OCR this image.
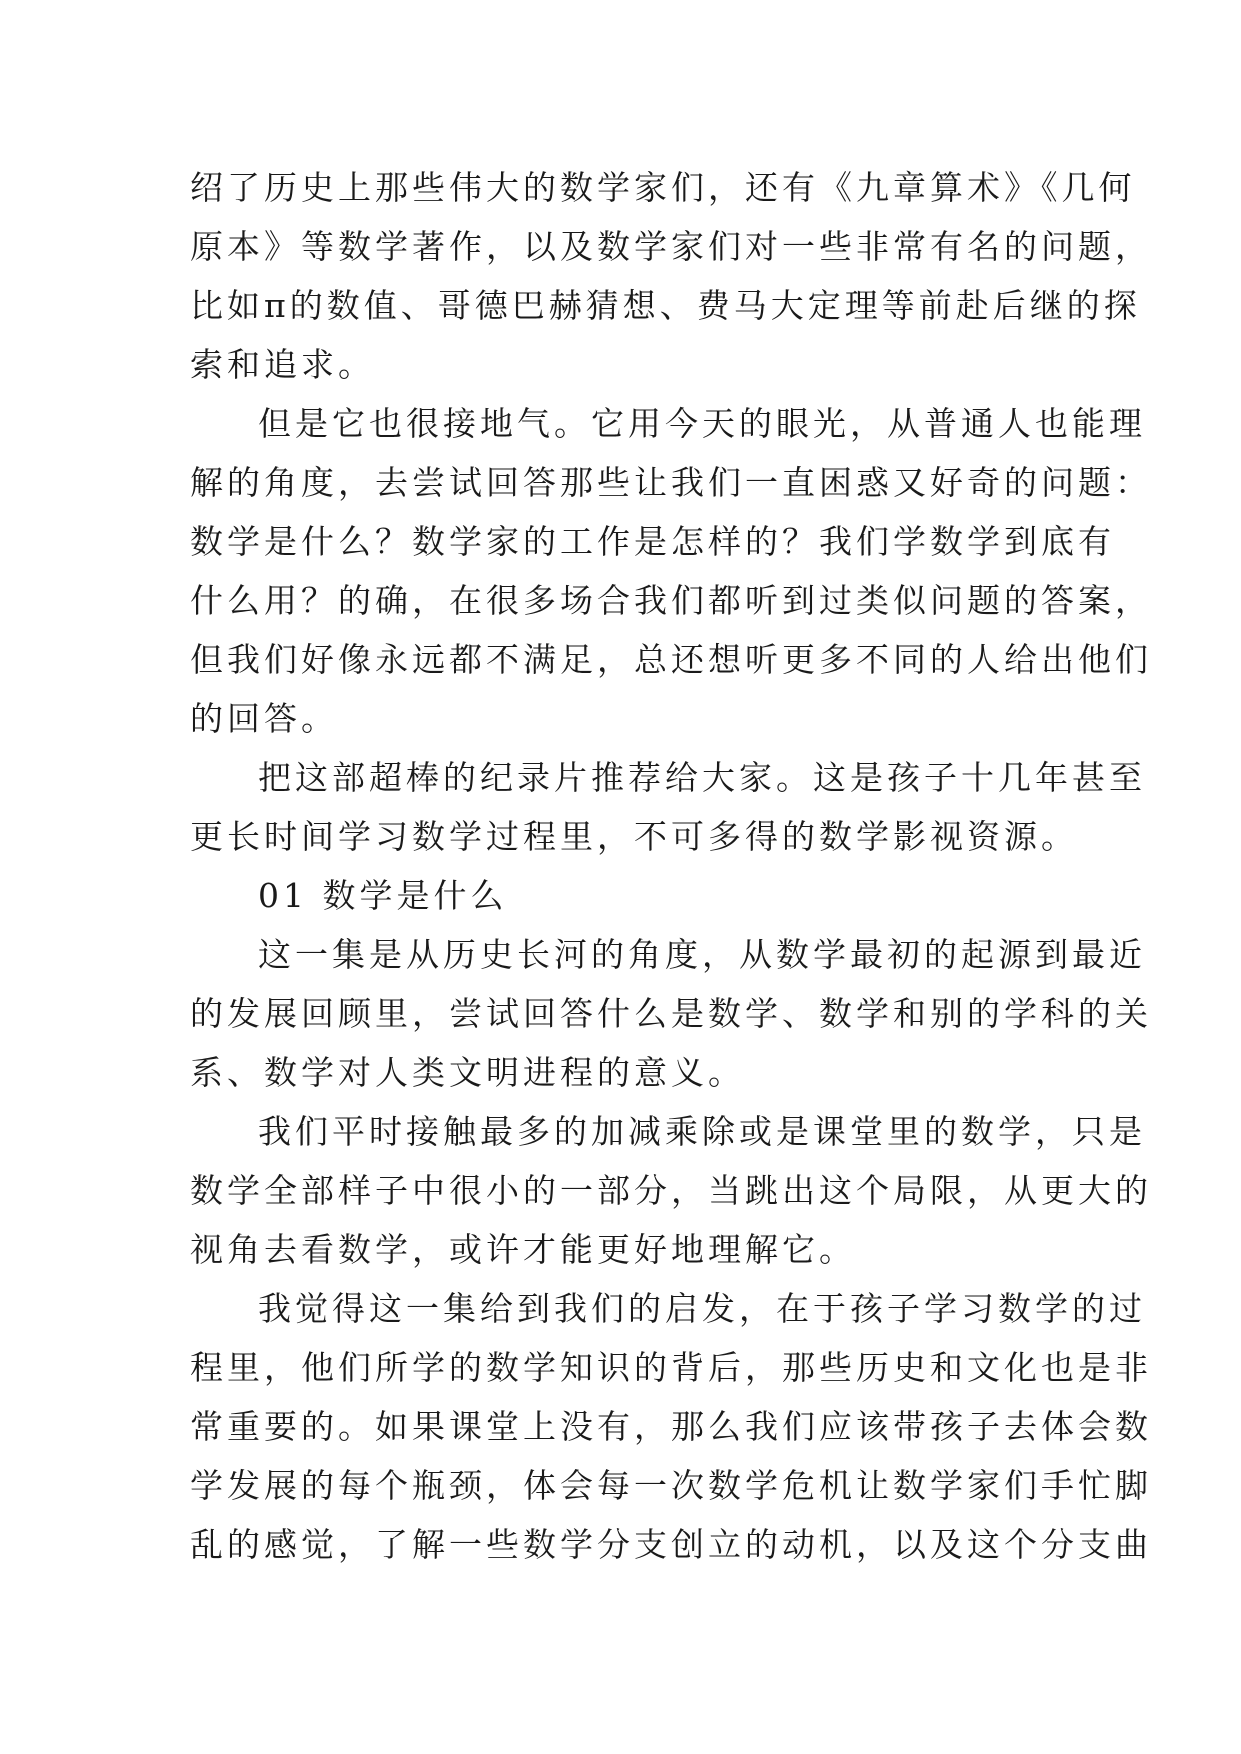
绍了历史上那些伟大的数学家们，还有《九章算术》《几何
原本》等数学著作，以及数学家们对一些非常有名的问题，
比如π的数值、哥德巴赫猜想、费马大定理等前赴后继的探
索和追求。

但是它也很接地气。它用今天的眼光，从普通人也能理
解的角度，去尝试回答那些让我们一直困惑又好奇的问题：
数学是什么？数学家的工作是怎样的？我们学数学到底有
什么用？的确，在很多场合我们都听到过类似问题的答案，
但我们好像永远都不满足，总还想听更多不同的人给出他们
的回答。

把这部超棒的纪录片推荐给大家。这是孩子十几年甚至
更长时间学习数学过程里，不可多得的数学影视资源。

01 数学是什么

这一集是从历史长河的角度，从数学最初的起源到最近
的发展回顾里，尝试回答什么是数学、数学和别的学科的关
系、数学对人类文明进程的意义。

我们平时接触最多的加减乘除或是课堂里的数学，只是
数学全部样子中很小的一部分，当跳出这个局限，从更大的
视角去看数学，或许才能更好地理解它。

我觉得这一集给到我们的启发，在于孩子学习数学的过
程里，他们所学的数学知识的背后，那些历史和文化也是非
常重要的。如果课堂上没有，那么我们应该带孩子去体会数
学发展的每个瓶颈，体会每一次数学危机让数学家们手忙脚
乱的感觉，了解一些数学分支创立的动机，以及这个分支曲
